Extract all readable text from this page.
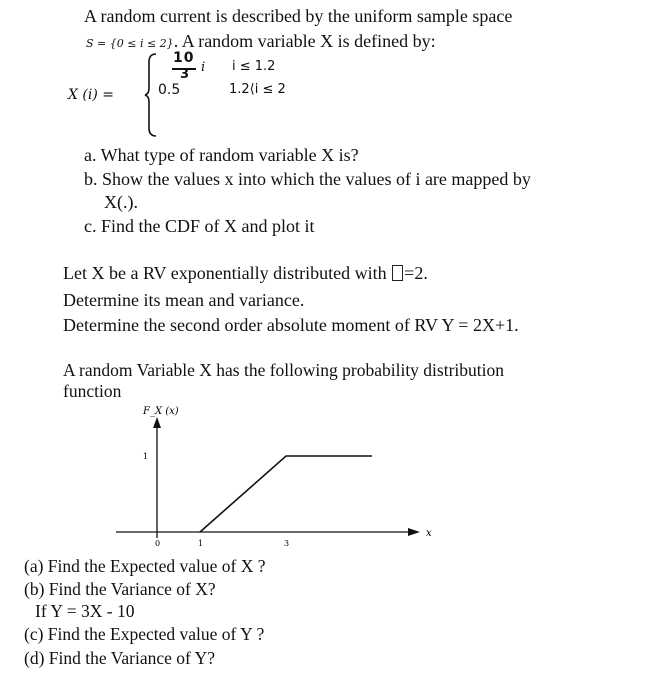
A random current is described by the uniform sample space
S = {0 ≤ i ≤ 2}. A random variable X is defined by:
X (i) =
10
3 i i ≤ 1.2
0.5	1.2⟨i ≤ 2
a. What type of random variable X is?
b. Show the values x into which the values of i are mapped by
X(.).
c. Find the CDF of X and plot it
Let X be a RV exponentially distributed with =2.
Determine its mean and variance.
Determine the second order absolute moment of RV Y = 2X+1.
A random Variable X has the following probability distribution
function
F_X (x)
x
0	1	3
1
(a) Find the Expected value of X ?
(b) Find the Variance of X?
If Y = 3X - 10
(c) Find the Expected value of Y ?
(d) Find the Variance of Y?
